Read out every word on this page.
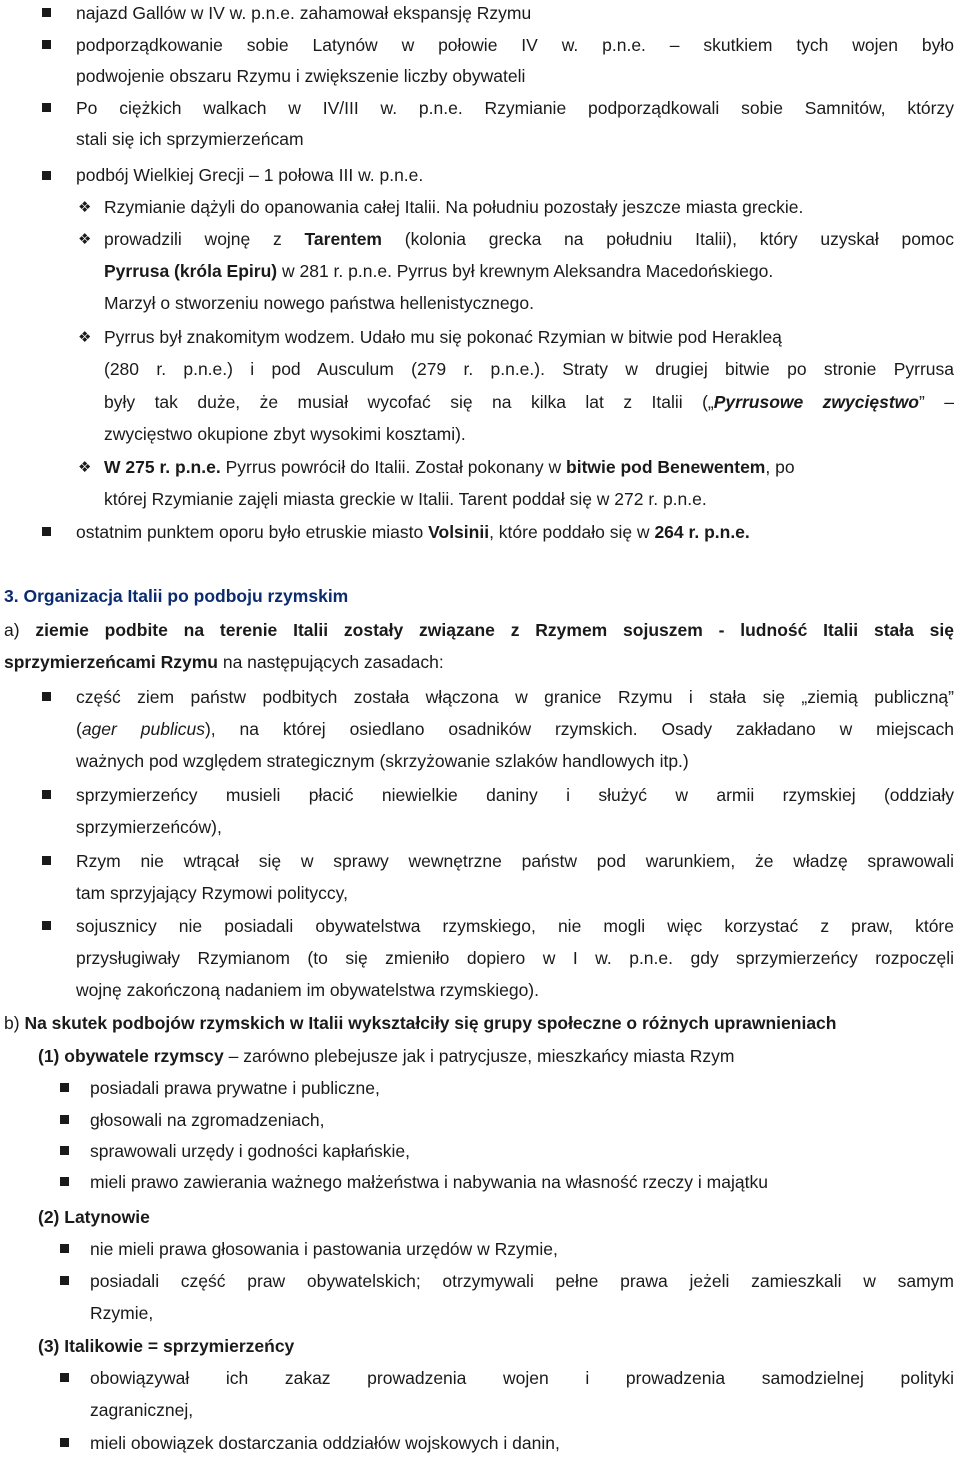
najazd Gallów w IV w. p.n.e. zahamował ekspansję Rzymu
podporządkowanie sobie Latynów w połowie IV w. p.n.e. – skutkiem tych wojen było
podwojenie obszaru Rzymu i zwiększenie liczby obywateli
Po ciężkich walkach w IV/III w. p.n.e. Rzymianie podporządkowali sobie Samnitów, którzy
stali się ich sprzymierzeńcam
podbój Wielkiej Grecji – 1 połowa III w. p.n.e.
❖ Rzymianie dążyli do opanowania całej Italii. Na południu pozostały jeszcze miasta greckie.
❖ prowadzili wojnę z Tarentem (kolonia grecka na południu Italii), który uzyskał pomoc
Pyrrusa (króla Epiru) w 281 r. p.n.e. Pyrrus był krewnym Aleksandra Macedońskiego.
Marzył o stworzeniu nowego państwa hellenistycznego.
❖ Pyrrus był znakomitym wodzem. Udało mu się pokonać Rzymian w bitwie pod Herakleą
(280 r. p.n.e.) i pod Ausculum (279 r. p.n.e.). Straty w drugiej bitwie po stronie Pyrrusa
były tak duże, że musiał wycofać się na kilka lat z Italii („Pyrrusowe zwycięstwo” –
zwycięstwo okupione zbyt wysokimi kosztami).
❖ W 275 r. p.n.e. Pyrrus powrócił do Italii. Został pokonany w bitwie pod Benewentem, po
której Rzymianie zajęli miasta greckie w Italii. Tarent poddał się w 272 r. p.n.e.
ostatnim punktem oporu było etruskie miasto Volsinii, które poddało się w 264 r. p.n.e.
3. Organizacja Italii po podboju rzymskim
a) ziemie podbite na terenie Italii zostały związane z Rzymem sojuszem - ludność Italii stała się
sprzymierzeńcami Rzymu na następujących zasadach:
część ziem państw podbitych została włączona w granice Rzymu i stała się „ziemią publiczną”
(ager publicus), na której osiedlano osadników rzymskich. Osady zakładano w miejscach
ważnych pod względem strategicznym (skrzyżowanie szlaków handlowych itp.)
sprzymierzeńcy musieli płacić niewielkie daniny i służyć w armii rzymskiej (oddziały
sprzymierzeńców),
Rzym nie wtrącał się w sprawy wewnętrzne państw pod warunkiem, że władzę sprawowali
tam sprzyjający Rzymowi polityccy,
sojusznicy nie posiadali obywatelstwa rzymskiego, nie mogli więc korzystać z praw, które
przysługiwały Rzymianom (to się zmieniło dopiero w I w. p.n.e. gdy sprzymierzeńcy rozpoczęli
wojnę zakończoną nadaniem im obywatelstwa rzymskiego).
b) Na skutek podbojów rzymskich w Italii wykształciły się grupy społeczne o różnych uprawnieniach
(1) obywatele rzymscy – zarówno plebejusze jak i patrycjusze, mieszkańcy miasta Rzym
posiadali prawa prywatne i publiczne,
głosowali na zgromadzeniach,
sprawowali urzędy i godności kapłańskie,
mieli prawo zawierania ważnego małżeństwa i nabywania na własność rzeczy i majątku
(2) Latynowie
nie mieli prawa głosowania i pastowania urzędów w Rzymie,
posiadali część praw obywatelskich; otrzymywali pełne prawa jeżeli zamieszkali w samym
Rzymie,
(3) Italikowie = sprzymierzeńcy
obowiązywał ich zakaz prowadzenia wojen i prowadzenia samodzielnej polityki
zagranicznej,
mieli obowiązek dostarczania oddziałów wojskowych i danin,
